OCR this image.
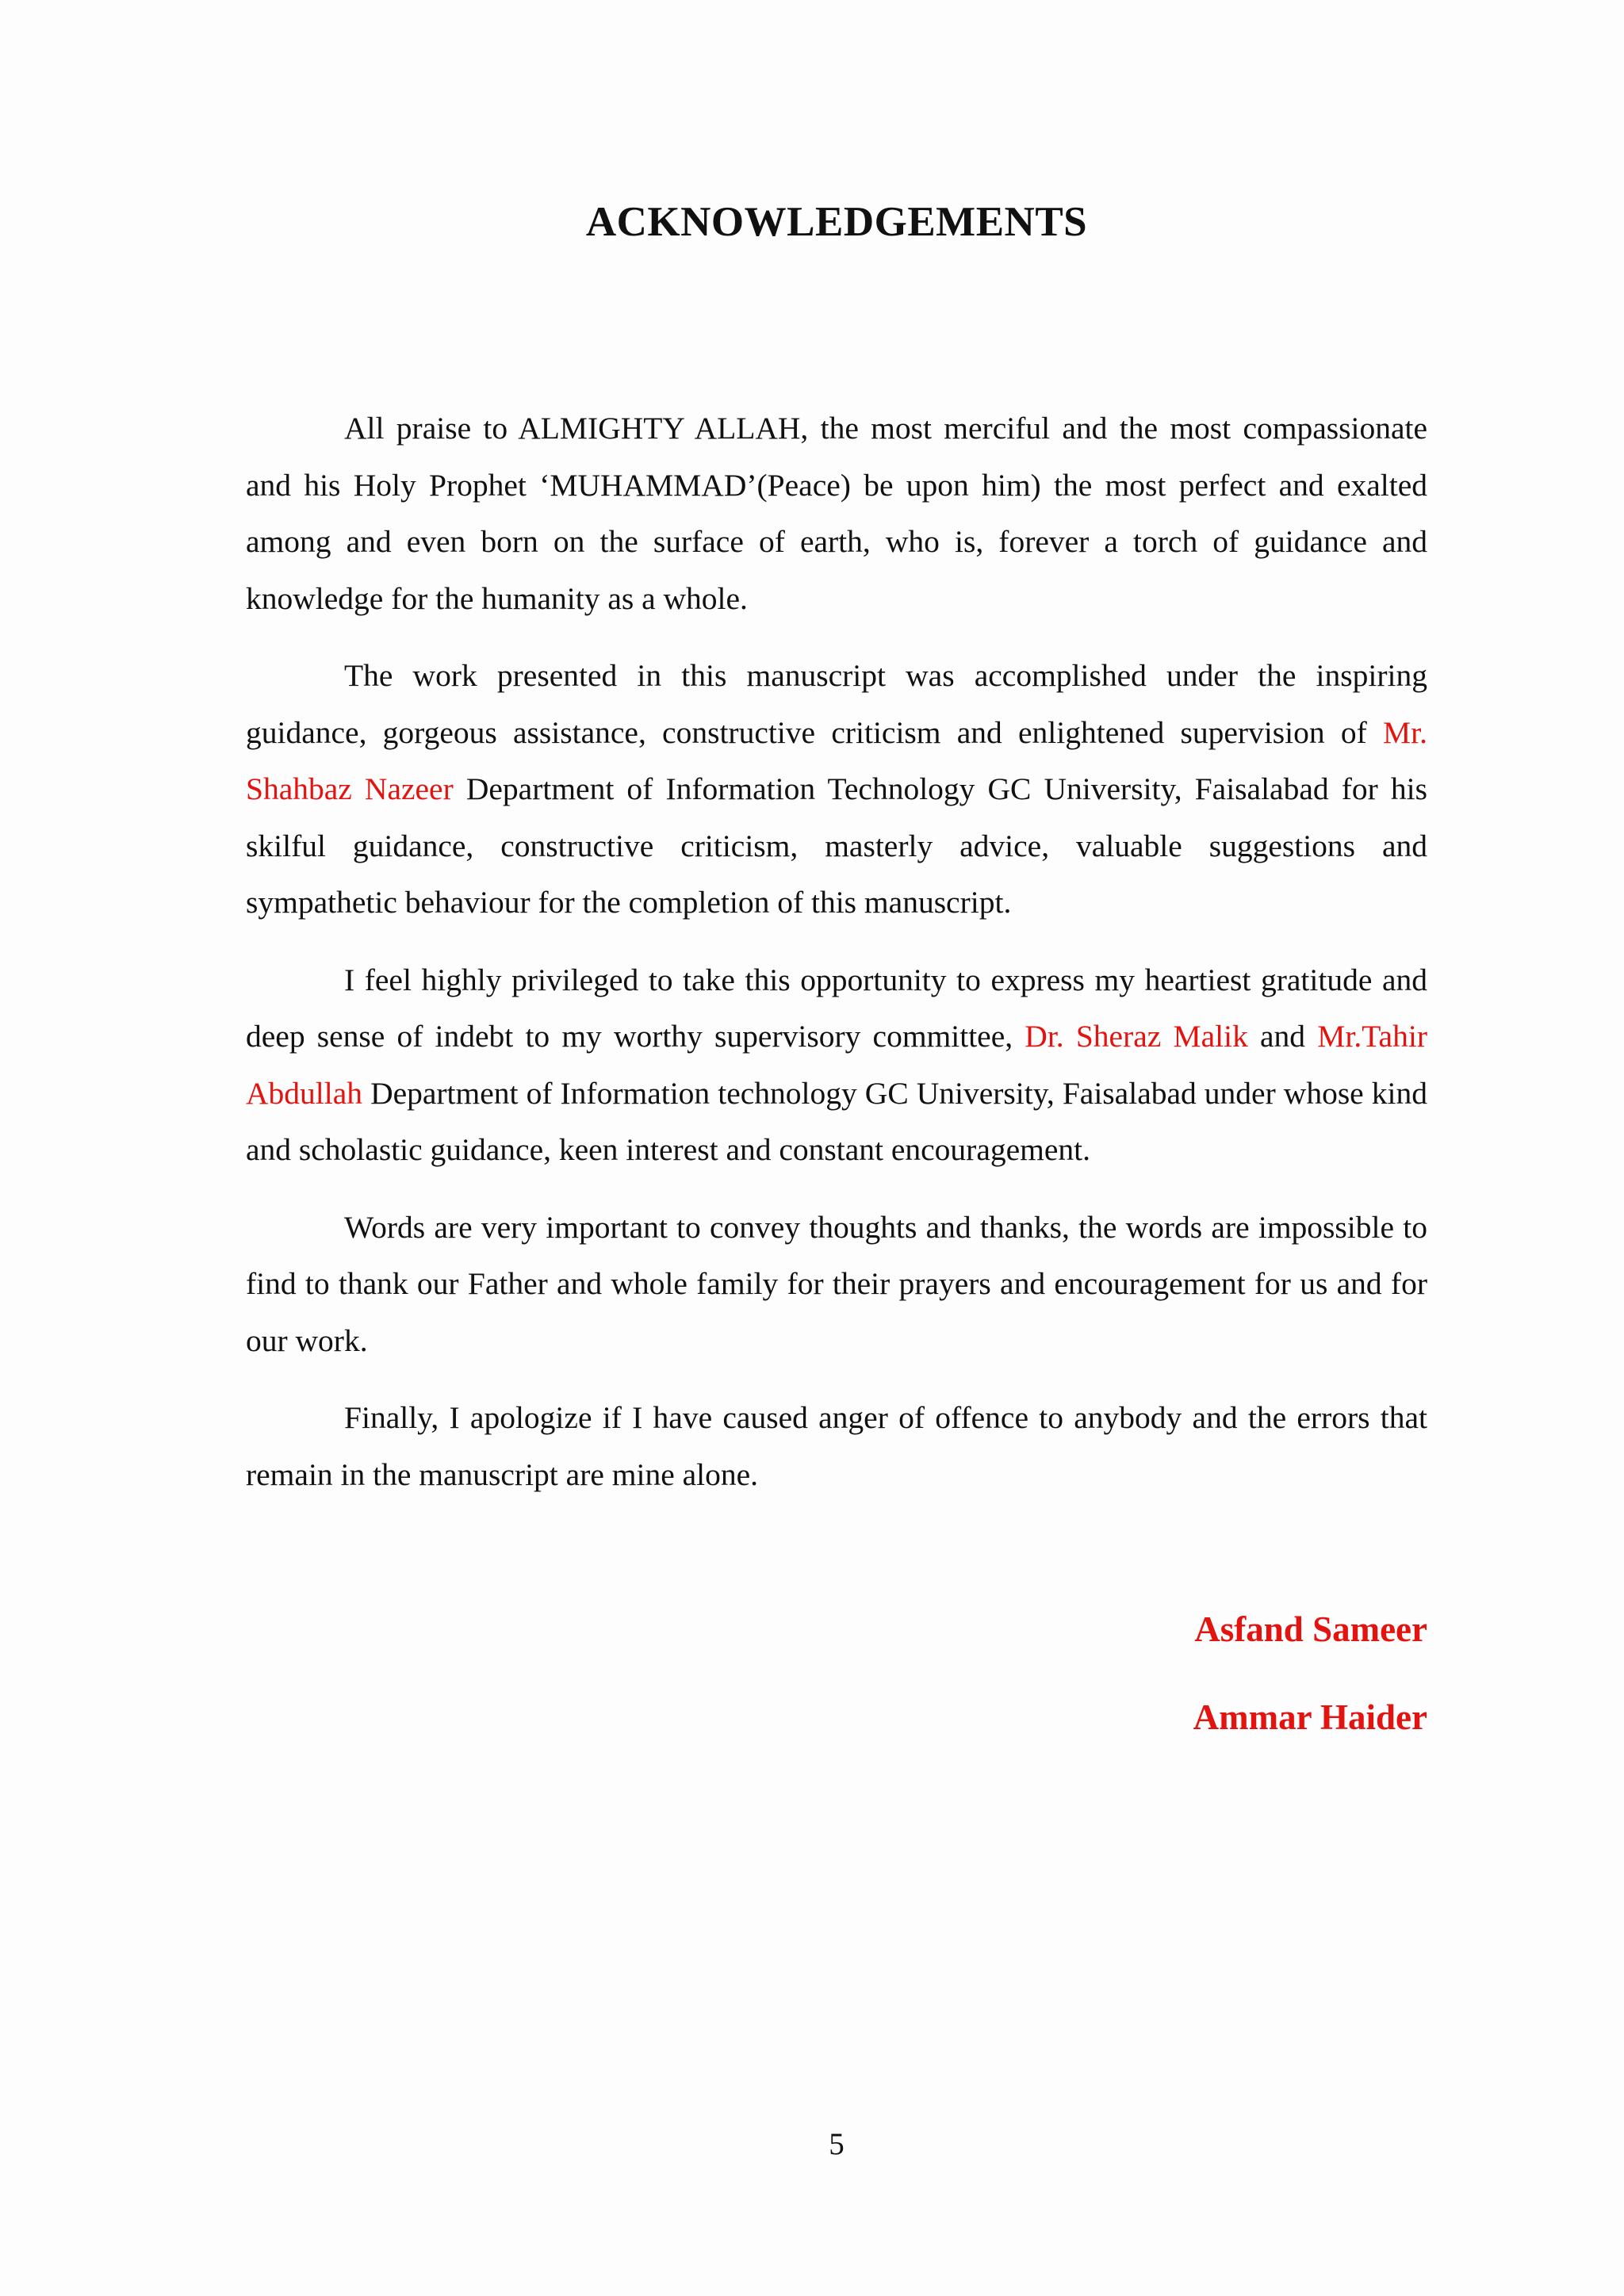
ACKNOWLEDGEMENTS

All praise to ALMIGHTY ALLAH, the most merciful and the most compassionate and his Holy Prophet ‘MUHAMMAD’(Peace) be upon him) the most perfect and exalted among and even born on the surface of earth, who is, forever a torch of guidance and knowledge for the humanity as a whole.

The work presented in this manuscript was accomplished under the inspiring guidance, gorgeous assistance, constructive criticism and enlightened supervision of Mr. Shahbaz Nazeer Department of Information Technology GC University, Faisalabad for his skilful guidance, constructive criticism, masterly advice, valuable suggestions and sympathetic behaviour for the completion of this manuscript.

I feel highly privileged to take this opportunity to express my heartiest gratitude and deep sense of indebt to my worthy supervisory committee, Dr. Sheraz Malik and Mr.Tahir Abdullah Department of Information technology GC University, Faisalabad under whose kind and scholastic guidance, keen interest and constant encouragement.

Words are very important to convey thoughts and thanks, the words are impossible to find to thank our Father and whole family for their prayers and encouragement for us and for our work.

Finally, I apologize if I have caused anger of offence to anybody and the errors that remain in the manuscript are mine alone.

Asfand Sameer
Ammar Haider
5
